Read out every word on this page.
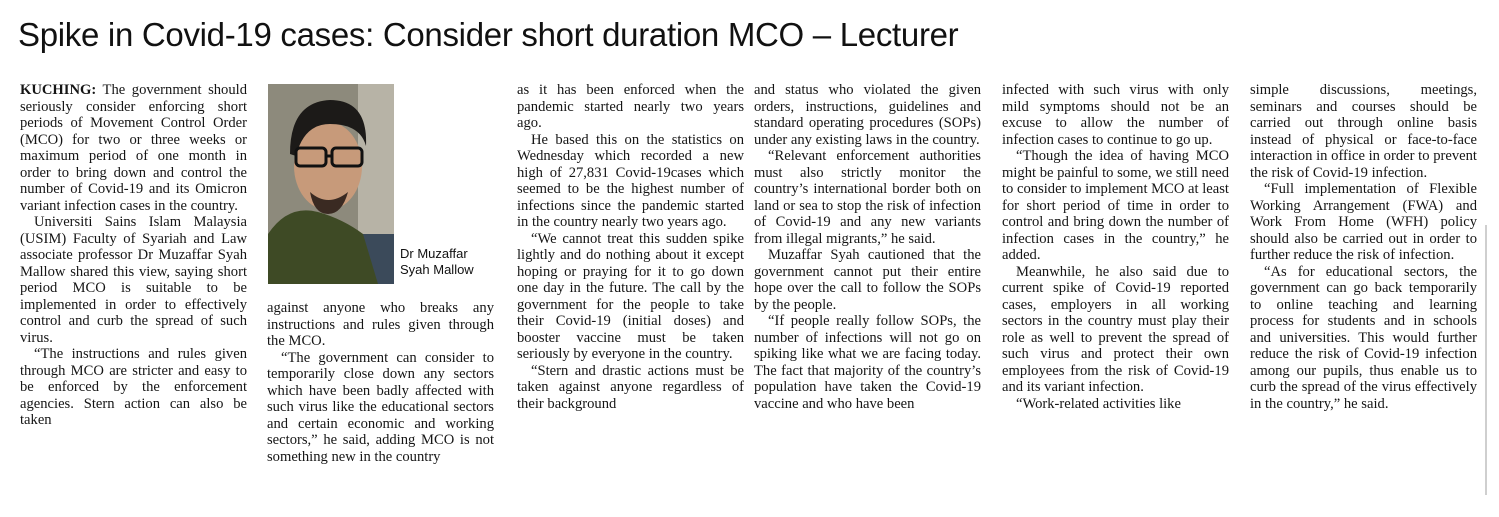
Spike in Covid-19 cases: Consider short duration MCO – Lecturer
Dr Muzaffar
Syah Mallow

KUCHING: The government should seriously consider enforcing short periods of Movement Control Order (MCO) for two or three weeks or maximum period of one month in order to bring down and control the number of Covid-19 and its Omicron variant infection cases in the country.

Universiti Sains Islam Malaysia (USIM) Faculty of Syariah and Law associate professor Dr Muzaffar Syah Mallow shared this view, saying short period MCO is suitable to be implemented in order to effectively control and curb the spread of such virus.

“The instructions and rules given through MCO are stricter and easy to be enforced by the enforcement agencies. Stern action can also be taken

against anyone who breaks any instructions and rules given through the MCO.

“The government can consider to temporarily close down any sectors which have been badly affected with such virus like the educational sectors and certain economic and working sectors,” he said, adding MCO is not something new in the country

as it has been enforced when the pandemic started nearly two years ago.

He based this on the statistics on Wednesday which recorded a new high of 27,831 Covid-19cases which seemed to be the highest number of infections since the pandemic started in the country nearly two years ago.

“We cannot treat this sudden spike lightly and do nothing about it except hoping or praying for it to go down one day in the future. The call by the government for the people to take their Covid-19 (initial doses) and booster vaccine must be taken seriously by everyone in the country.

“Stern and drastic actions must be taken against anyone regardless of their background

and status who violated the given orders, instructions, guidelines and standard operating procedures (SOPs) under any existing laws in the country.

“Relevant enforcement authorities must also strictly monitor the country’s international border both on land or sea to stop the risk of infection of Covid-19 and any new variants from illegal migrants,” he said.

Muzaffar Syah cautioned that the government cannot put their entire hope over the call to follow the SOPs by the people.

“If people really follow SOPs, the number of infections will not go on spiking like what we are facing today. The fact that majority of the country’s population have taken the Covid-19 vaccine and who have been

infected with such virus with only mild symptoms should not be an excuse to allow the number of infection cases to continue to go up.

“Though the idea of having MCO might be painful to some, we still need to consider to implement MCO at least for short period of time in order to control and bring down the number of infection cases in the country,” he added.

Meanwhile, he also said due to current spike of Covid-19 reported cases, employers in all working sectors in the country must play their role as well to prevent the spread of such virus and protect their own employees from the risk of Covid-19 and its variant infection.

“Work-related activities like

simple discussions, meetings, seminars and courses should be carried out through online basis instead of physical or face-to-face interaction in office in order to prevent the risk of Covid-19 infection.

“Full implementation of Flexible Working Arrangement (FWA) and Work From Home (WFH) policy should also be carried out in order to further reduce the risk of infection.

“As for educational sectors, the government can go back temporarily to online teaching and learning process for students and in schools and universities. This would further reduce the risk of Covid-19 infection among our pupils, thus enable us to curb the spread of the virus effectively in the country,” he said.
